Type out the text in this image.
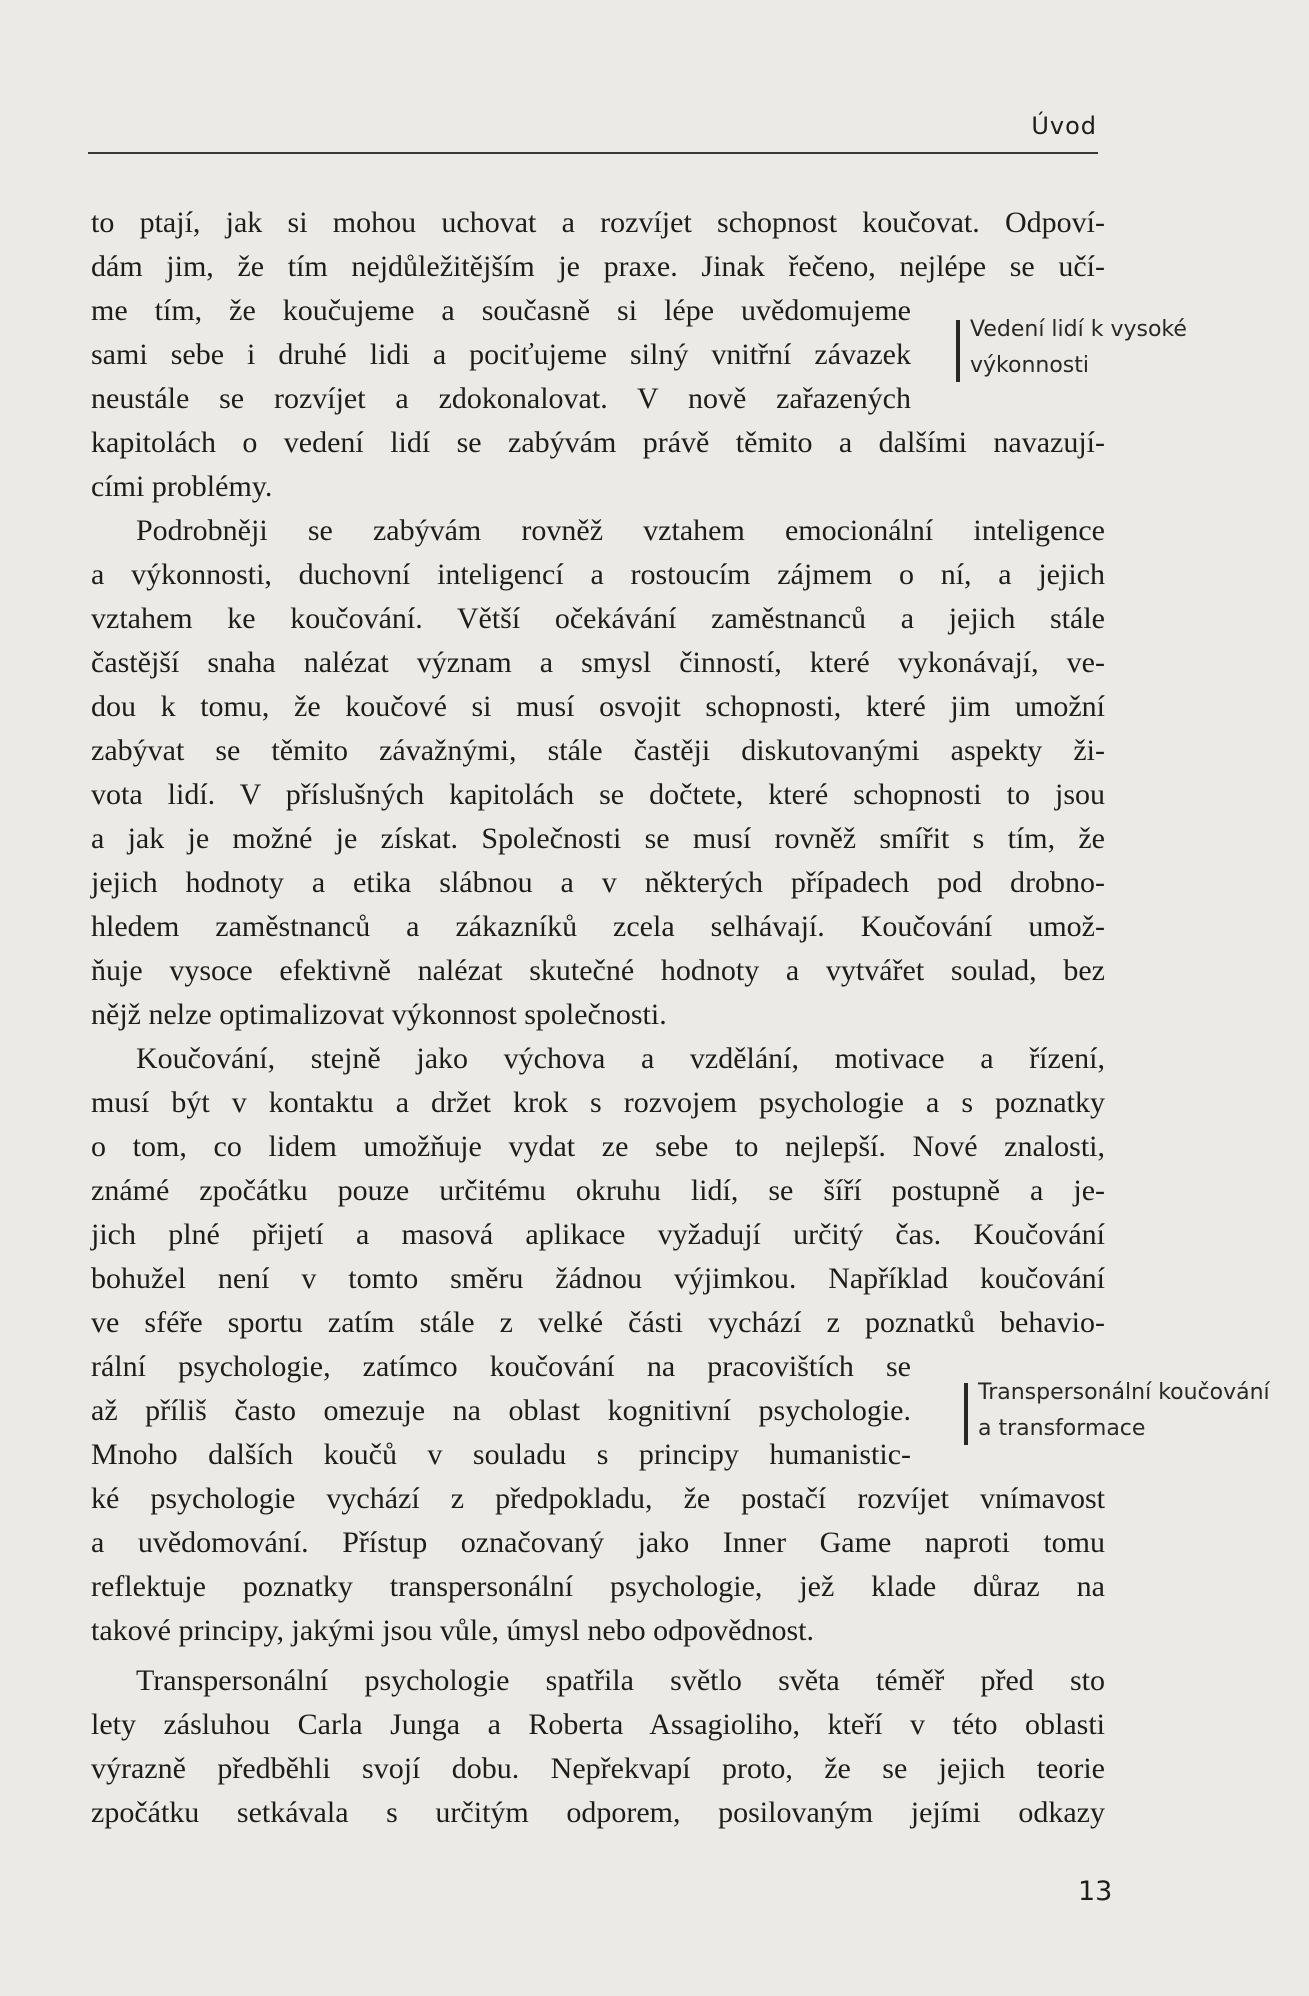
Úvod
to ptají, jak si mohou uchovat a rozvíjet schopnost koučovat. Odpoví-
dám jim, že tím nejdůležitějším je praxe. Jinak řečeno, nejlépe se učí-
me tím, že koučujeme a současně si lépe uvědomujeme
sami sebe i druhé lidi a pociťujeme silný vnitřní závazek
neustále se rozvíjet a zdokonalovat. V nově zařazených
kapitolách o vedení lidí se zabývám právě těmito a dalšími navazují-
cími problémy.
Podrobněji se zabývám rovněž vztahem emocionální inteligence
a výkonnosti, duchovní inteligencí a rostoucím zájmem o ní, a jejich
vztahem ke koučování. Větší očekávání zaměstnanců a jejich stále
častější snaha nalézat význam a smysl činností, které vykonávají, ve-
dou k tomu, že koučové si musí osvojit schopnosti, které jim umožní
zabývat se těmito závažnými, stále častěji diskutovanými aspekty ži-
vota lidí. V příslušných kapitolách se dočtete, které schopnosti to jsou
a jak je možné je získat. Společnosti se musí rovněž smířit s tím, že
jejich hodnoty a etika slábnou a v některých případech pod drobno-
hledem zaměstnanců a zákazníků zcela selhávají. Koučování umož-
ňuje vysoce efektivně nalézat skutečné hodnoty a vytvářet soulad, bez
nějž nelze optimalizovat výkonnost společnosti.
Koučování, stejně jako výchova a vzdělání, motivace a řízení,
musí být v kontaktu a držet krok s rozvojem psychologie a s poznatky
o tom, co lidem umožňuje vydat ze sebe to nejlepší. Nové znalosti,
známé zpočátku pouze určitému okruhu lidí, se šíří postupně a je-
jich plné přijetí a masová aplikace vyžadují určitý čas. Koučování
bohužel není v tomto směru žádnou výjimkou. Například koučování
ve sféře sportu zatím stále z velké části vychází z poznatků behavio-
rální psychologie, zatímco koučování na pracovištích se
až příliš často omezuje na oblast kognitivní psychologie.
Mnoho dalších koučů v souladu s principy humanistic-
ké psychologie vychází z předpokladu, že postačí rozvíjet vnímavost
a uvědomování. Přístup označovaný jako Inner Game naproti tomu
reflektuje poznatky transpersonální psychologie, jež klade důraz na
takové principy, jakými jsou vůle, úmysl nebo odpovědnost.
Transpersonální psychologie spatřila světlo světa téměř před sto
lety zásluhou Carla Junga a Roberta Assagioliho, kteří v této oblasti
výrazně předběhli svojí dobu. Nepřekvapí proto, že se jejich teorie
zpočátku setkávala s určitým odporem, posilovaným jejími odkazy
Vedení lidí k vysoké
výkonnosti
Transpersonální koučování
a transformace
13
